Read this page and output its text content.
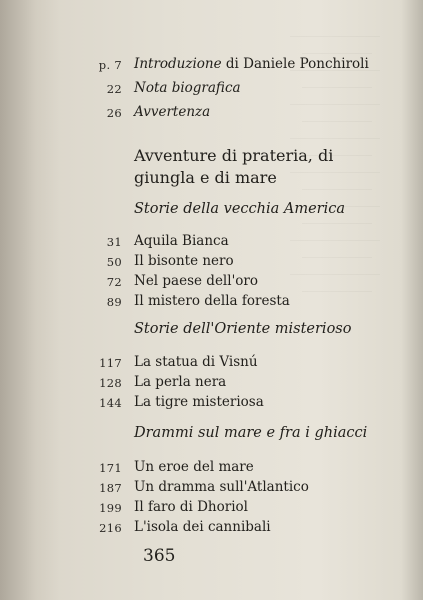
p. 7 Introduzione di Daniele Ponchiroli
22 Nota biografica
26 Avvertenza
Avventure di prateria, di giungla e di mare
Storie della vecchia America
31 Aquila Bianca
50 Il bisonte nero
72 Nel paese dell'oro
89 Il mistero della foresta
Storie dell'Oriente misterioso
117 La statua di Visnú
128 La perla nera
144 La tigre misteriosa
Drammi sul mare e fra i ghiacci
171 Un eroe del mare
187 Un dramma sull'Atlantico
199 Il faro di Dhoriol
216 L'isola dei cannibali
365
